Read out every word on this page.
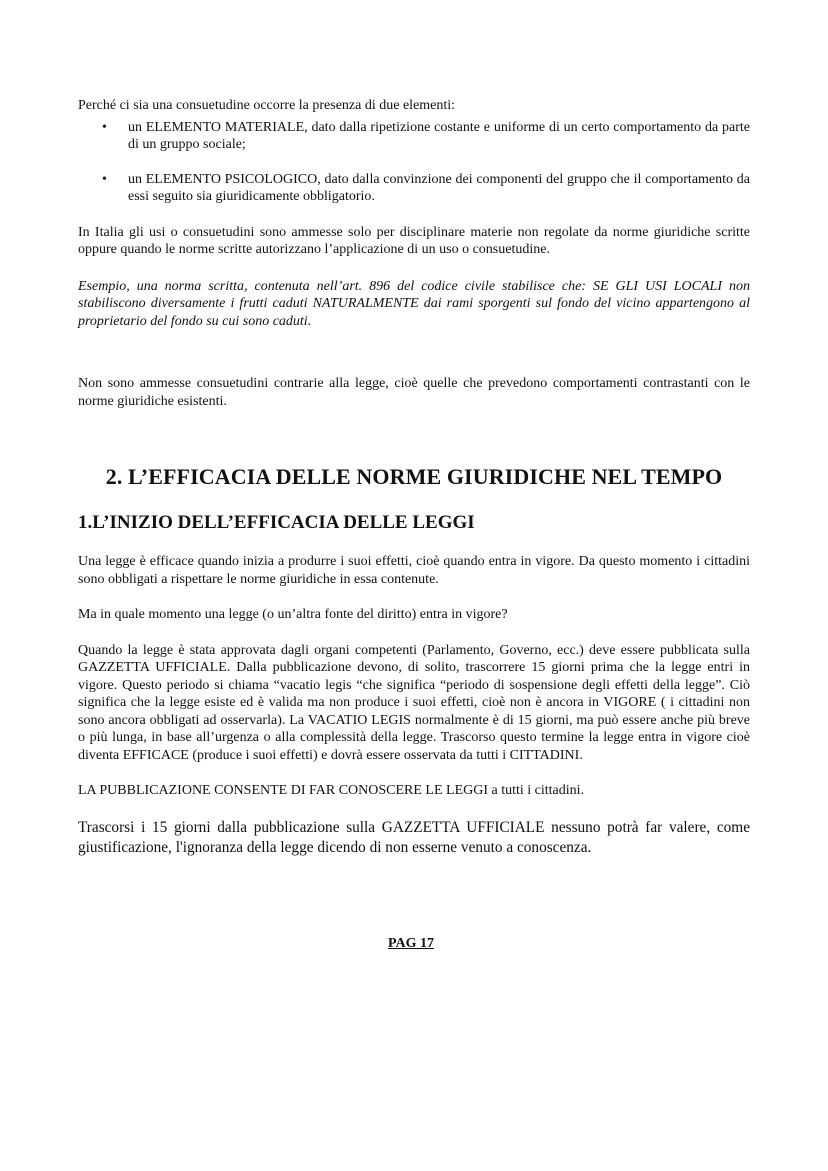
Perché ci sia una consuetudine occorre la presenza di due elementi:

• un ELEMENTO MATERIALE, dato dalla ripetizione costante e uniforme di un certo comportamento da parte di un gruppo sociale;
• un ELEMENTO PSICOLOGICO, dato dalla convinzione dei componenti del gruppo che il comportamento da essi seguito sia giuridicamente obbligatorio.

In Italia gli usi o consuetudini sono ammesse solo per disciplinare materie non regolate da norme giuridiche scritte oppure quando le norme scritte autorizzano l’applicazione di un uso o consuetudine.

Esempio, una norma scritta, contenuta nell’art. 896 del codice civile stabilisce che: SE GLI USI LOCALI non stabiliscono diversamente i frutti caduti NATURALMENTE dai rami sporgenti sul fondo del vicino appartengono al proprietario del fondo su cui sono caduti.

Non sono ammesse consuetudini contrarie alla legge, cioè quelle che prevedono comportamenti contrastanti con le norme giuridiche esistenti.

2. L’EFFICACIA DELLE NORME GIURIDICHE NEL TEMPO
1.L’INIZIO DELL’EFFICACIA DELLE LEGGI

Una legge è efficace quando inizia a produrre i suoi effetti, cioè quando entra in vigore. Da questo momento i cittadini sono obbligati a rispettare le norme giuridiche in essa contenute.

Ma in quale momento una legge (o un’altra fonte del diritto) entra in vigore?

Quando la legge è stata approvata dagli organi competenti (Parlamento, Governo, ecc.) deve essere pubblicata sulla GAZZETTA UFFICIALE. Dalla pubblicazione devono, di solito, trascorrere 15 giorni prima che la legge entri in vigore. Questo periodo si chiama “vacatio legis “che significa “periodo di sospensione degli effetti della legge”. Ciò significa che la legge esiste ed è valida ma non produce i suoi effetti, cioè non è ancora in VIGORE ( i cittadini non sono ancora obbligati ad osservarla). La VACATIO LEGIS normalmente è di 15 giorni, ma può essere anche più breve o più lunga, in base all’urgenza o alla complessità della legge. Trascorso questo termine la legge entra in vigore cioè diventa EFFICACE (produce i suoi effetti) e dovrà essere osservata da tutti i CITTADINI.

LA PUBBLICAZIONE CONSENTE DI FAR CONOSCERE LE LEGGI a tutti i cittadini.

Trascorsi i 15 giorni dalla pubblicazione sulla GAZZETTA UFFICIALE nessuno potrà far valere, come giustificazione, l'ignoranza della legge dicendo di non esserne venuto a conoscenza.

PAG 17
